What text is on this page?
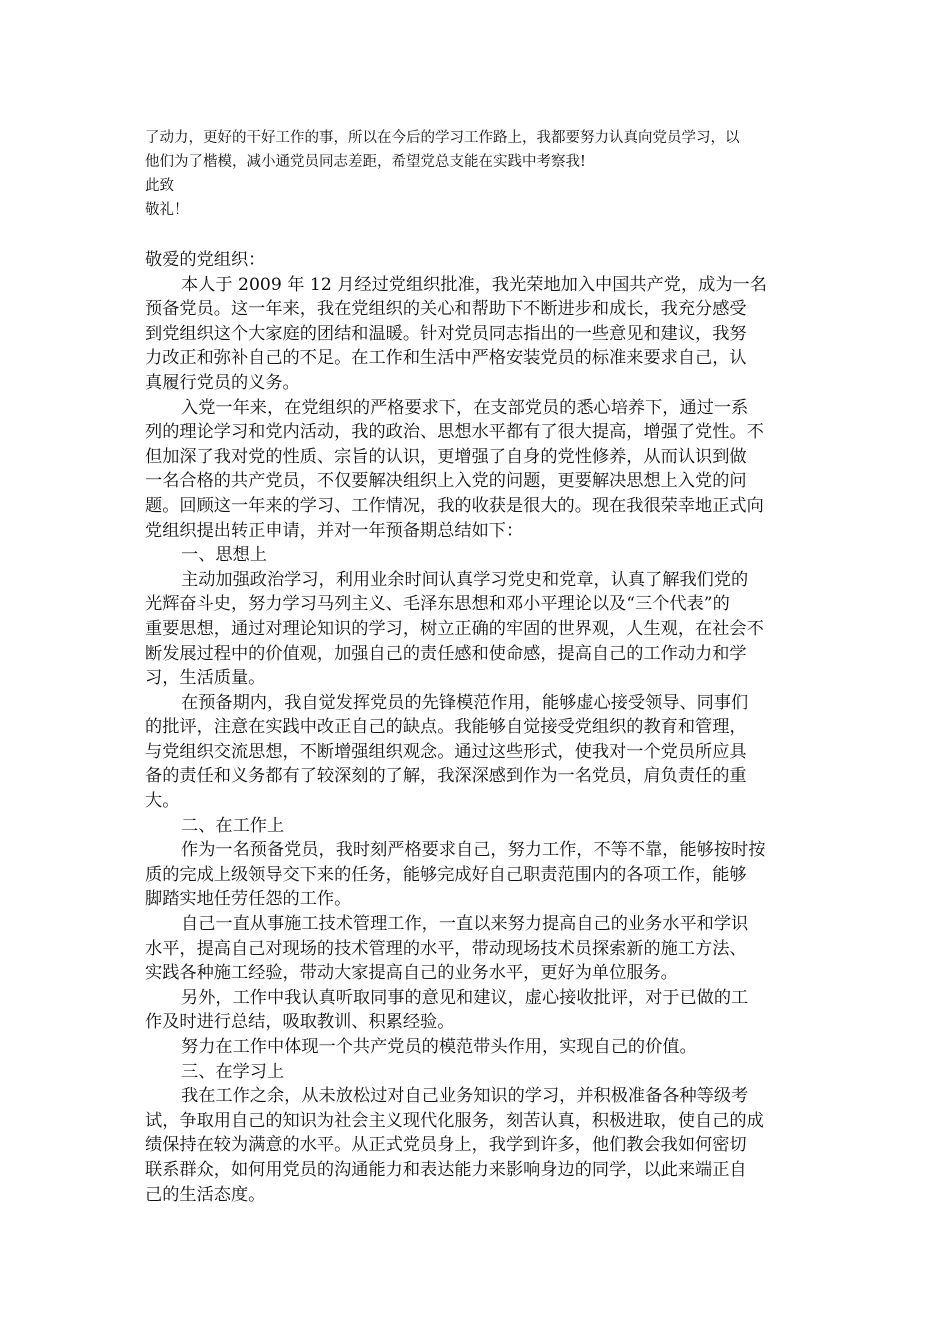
了动力，更好的干好工作的事，所以在今后的学习工作路上，我都要努力认真向党员学习，以
他们为了楷模，减小通党员同志差距，希望党总支能在实践中考察我!
此致
敬礼！
敬爱的党组织：
本人于 2009 年 12 月经过党组织批准，我光荣地加入中国共产党，成为一名
预备党员。这一年来，我在党组织的关心和帮助下不断进步和成长，我充分感受
到党组织这个大家庭的团结和温暖。针对党员同志指出的一些意见和建议，我努
力改正和弥补自己的不足。在工作和生活中严格安装党员的标准来要求自己，认
真履行党员的义务。
入党一年来，在党组织的严格要求下，在支部党员的悉心培养下，通过一系
列的理论学习和党内活动，我的政治、思想水平都有了很大提高，增强了党性。不
但加深了我对党的性质、宗旨的认识，更增强了自身的党性修养，从而认识到做
一名合格的共产党员，不仅要解决组织上入党的问题，更要解决思想上入党的问
题。回顾这一年来的学习、工作情况，我的收获是很大的。现在我很荣幸地正式向
党组织提出转正申请，并对一年预备期总结如下：
一、思想上
主动加强政治学习，利用业余时间认真学习党史和党章，认真了解我们党的
光辉奋斗史，努力学习马列主义、毛泽东思想和邓小平理论以及“三个代表”的
重要思想，通过对理论知识的学习，树立正确的牢固的世界观，人生观，在社会不
断发展过程中的价值观，加强自己的责任感和使命感，提高自己的工作动力和学
习，生活质量。
在预备期内，我自觉发挥党员的先锋模范作用，能够虚心接受领导、同事们
的批评，注意在实践中改正自己的缺点。我能够自觉接受党组织的教育和管理，
与党组织交流思想，不断增强组织观念。通过这些形式，使我对一个党员所应具
备的责任和义务都有了较深刻的了解，我深深感到作为一名党员，肩负责任的重
大。
二、在工作上
作为一名预备党员，我时刻严格要求自己，努力工作，不等不靠，能够按时按
质的完成上级领导交下来的任务，能够完成好自己职责范围内的各项工作，能够
脚踏实地任劳任怨的工作。
自己一直从事施工技术管理工作，一直以来努力提高自己的业务水平和学识
水平，提高自己对现场的技术管理的水平，带动现场技术员探索新的施工方法、
实践各种施工经验，带动大家提高自己的业务水平，更好为单位服务。
另外，工作中我认真听取同事的意见和建议，虚心接收批评，对于已做的工
作及时进行总结，吸取教训、积累经验。
努力在工作中体现一个共产党员的模范带头作用，实现自己的价值。
三、在学习上
我在工作之余，从未放松过对自己业务知识的学习，并积极准备各种等级考
试，争取用自己的知识为社会主义现代化服务，刻苦认真，积极进取，使自己的成
绩保持在较为满意的水平。从正式党员身上，我学到许多，他们教会我如何密切
联系群众，如何用党员的沟通能力和表达能力来影响身边的同学，以此来端正自
己的生活态度。
